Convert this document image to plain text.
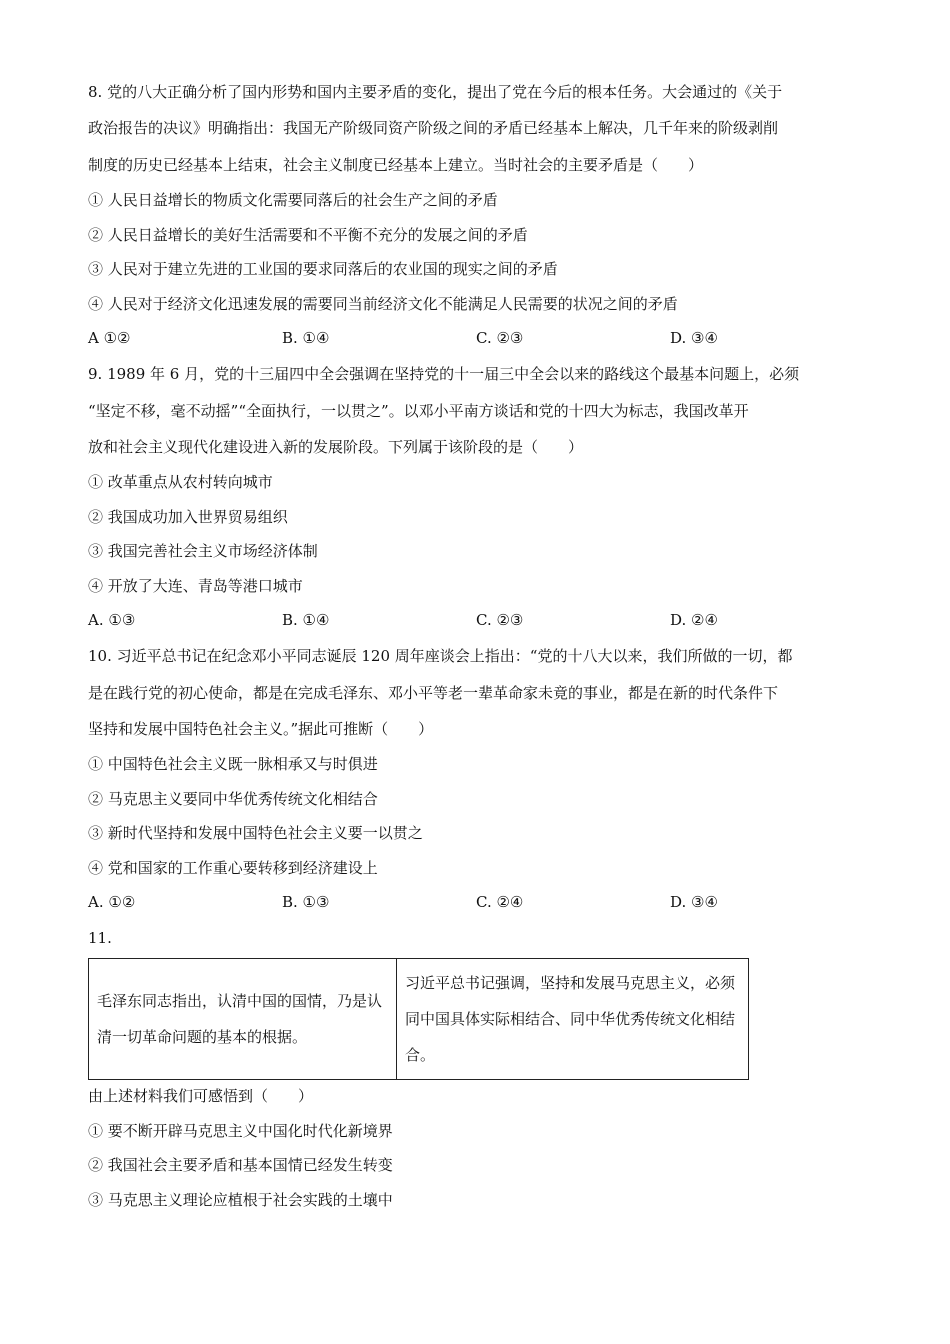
8. 党的八大正确分析了国内形势和国内主要矛盾的变化，提出了党在今后的根本任务。大会通过的《关于
政治报告的决议》明确指出：我国无产阶级同资产阶级之间的矛盾已经基本上解决，几千年来的阶级剥削
制度的历史已经基本上结束，社会主义制度已经基本上建立。当时社会的主要矛盾是（　　）
① 人民日益增长的物质文化需要同落后的社会生产之间的矛盾
② 人民日益增长的美好生活需要和不平衡不充分的发展之间的矛盾
③ 人民对于建立先进的工业国的要求同落后的农业国的现实之间的矛盾
④ 人民对于经济文化迅速发展的需要同当前经济文化不能满足人民需要的状况之间的矛盾
A ①②	B. ①④	C. ②③	D. ③④
9. 1989 年 6 月，党的十三届四中全会强调在坚持党的十一届三中全会以来的路线这个最基本问题上，必须
“坚定不移，毫不动摇”“全面执行，一以贯之”。以邓小平南方谈话和党的十四大为标志，我国改革开
放和社会主义现代化建设进入新的发展阶段。下列属于该阶段的是（　　）
① 改革重点从农村转向城市
② 我国成功加入世界贸易组织
③ 我国完善社会主义市场经济体制
④ 开放了大连、青岛等港口城市
A. ①③	B. ①④	C. ②③	D. ②④
10. 习近平总书记在纪念邓小平同志诞辰 120 周年座谈会上指出：“党的十八大以来，我们所做的一切，都
是在践行党的初心使命，都是在完成毛泽东、邓小平等老一辈革命家未竟的事业，都是在新的时代条件下
坚持和发展中国特色社会主义。”据此可推断（　　）
① 中国特色社会主义既一脉相承又与时俱进
② 马克思主义要同中华优秀传统文化相结合
③ 新时代坚持和发展中国特色社会主义要一以贯之
④ 党和国家的工作重心要转移到经济建设上
A. ①②	B. ①③	C. ②④	D. ③④
11.

毛泽东同志指出，认清中国的国情，乃是认清一切革命问题的基本的根据。

习近平总书记强调，坚持和发展马克思主义，必须同中国具体实际相结合、同中华优秀传统文化相结合。

由上述材料我们可感悟到（　　）
① 要不断开辟马克思主义中国化时代化新境界
② 我国社会主要矛盾和基本国情已经发生转变
③ 马克思主义理论应植根于社会实践的土壤中
